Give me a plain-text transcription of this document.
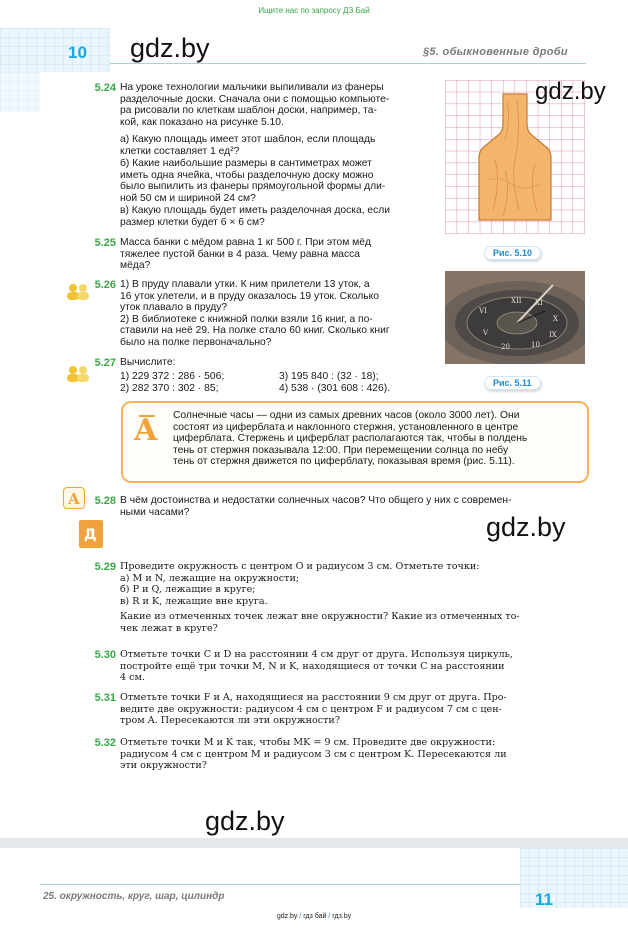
Ищите нас по запросу ДЗ Бай
10 gdz.by	§5. обыкновенные дроби
gdz.by
Рис. 5.10
VI
20	10
V
XII XI
X
IX
Рис. 5.11
5.24 На уроке технологии мальчики выпиливали из фанеры
разделочные доски. Сначала они с помощью компьюте-
ра рисовали по клеткам шаблон доски, например, та-
кой, как показано на рисунке 5.10.
а) Какую площадь имеет этот шаблон, если площадь
клетки составляет 1 ед²?
б) Какие наибольшие размеры в сантиметрах может
иметь одна ячейка, чтобы разделочную доску можно
было выпилить из фанеры прямоугольной формы дли-
ной 50 см и шириной 24 см?
в) Какую площадь будет иметь разделочная доска, если
размер клетки будет 6 × 6 см?
5.25 Масса банки с мёдом равна 1 кг 500 г. При этом мёд
тяжелее пустой банки в 4 раза. Чему равна масса
мёда?
5.26 1) В пруду плавали утки. К ним прилетели 13 уток, а
16 уток улетели, и в пруду оказалось 19 уток. Сколько
уток плавало в пруду?
2) В библиотеке с книжной полки взяли 16 книг, а по-
ставили на неё 29. На полке стало 60 книг. Сколько книг
было на полке первоначально?
5.27 Вычислите:
1) 229 372 : 286 · 506;	3) 195 840 : (32 · 18);
2) 282 370 : 302 · 85;	4) 538 · (301 608 : 426).
A Солнечные часы — одни из самых древних часов (около 3000 лет). Они
состоят из циферблата и наклонного стержня, установленного в центре
циферблата. Стержень и циферблат располагаются так, чтобы в полдень
тень от стержня показывала 12:00. При перемещении солнца по небу
тень от стержня движется по циферблату, показывая время (рис. 5.11).
A	5.28 В чём достоинства и недостатки солнечных часов? Что общего у них с современ-
ными часами?
Д	gdz.by
5.29 Проведите окружность с центром O и радиусом 3 см. Отметьте точки:
а) M и N, лежащие на окружности;
б) P и Q, лежащие в круге;
в) R и K, лежащие вне круга.
Какие из отмеченных точек лежат вне окружности? Какие из отмеченных то-
чек лежат в круге?
5.30 Отметьте точки C и D на расстоянии 4 см друг от друга. Используя циркуль,
постройте ещё три точки M, N и K, находящиеся от точки C на расстоянии
4 см.
5.31 Отметьте точки F и A, находящиеся на расстоянии 9 см друг от друга. Про-
ведите две окружности: радиусом 4 см с центром F и радиусом 7 см с цен-
тром A. Пересекаются ли эти окружности?
5.32 Отметьте точки M и K так, чтобы MK = 9 см. Проведите две окружности:
радиусом 4 см с центром M и радиусом 3 см с центром K. Пересекаются ли
эти окружности?
gdz.by
25. окружность, круг, шар, цилиндр	11
gdz.by / гдз бай / гдз.by
